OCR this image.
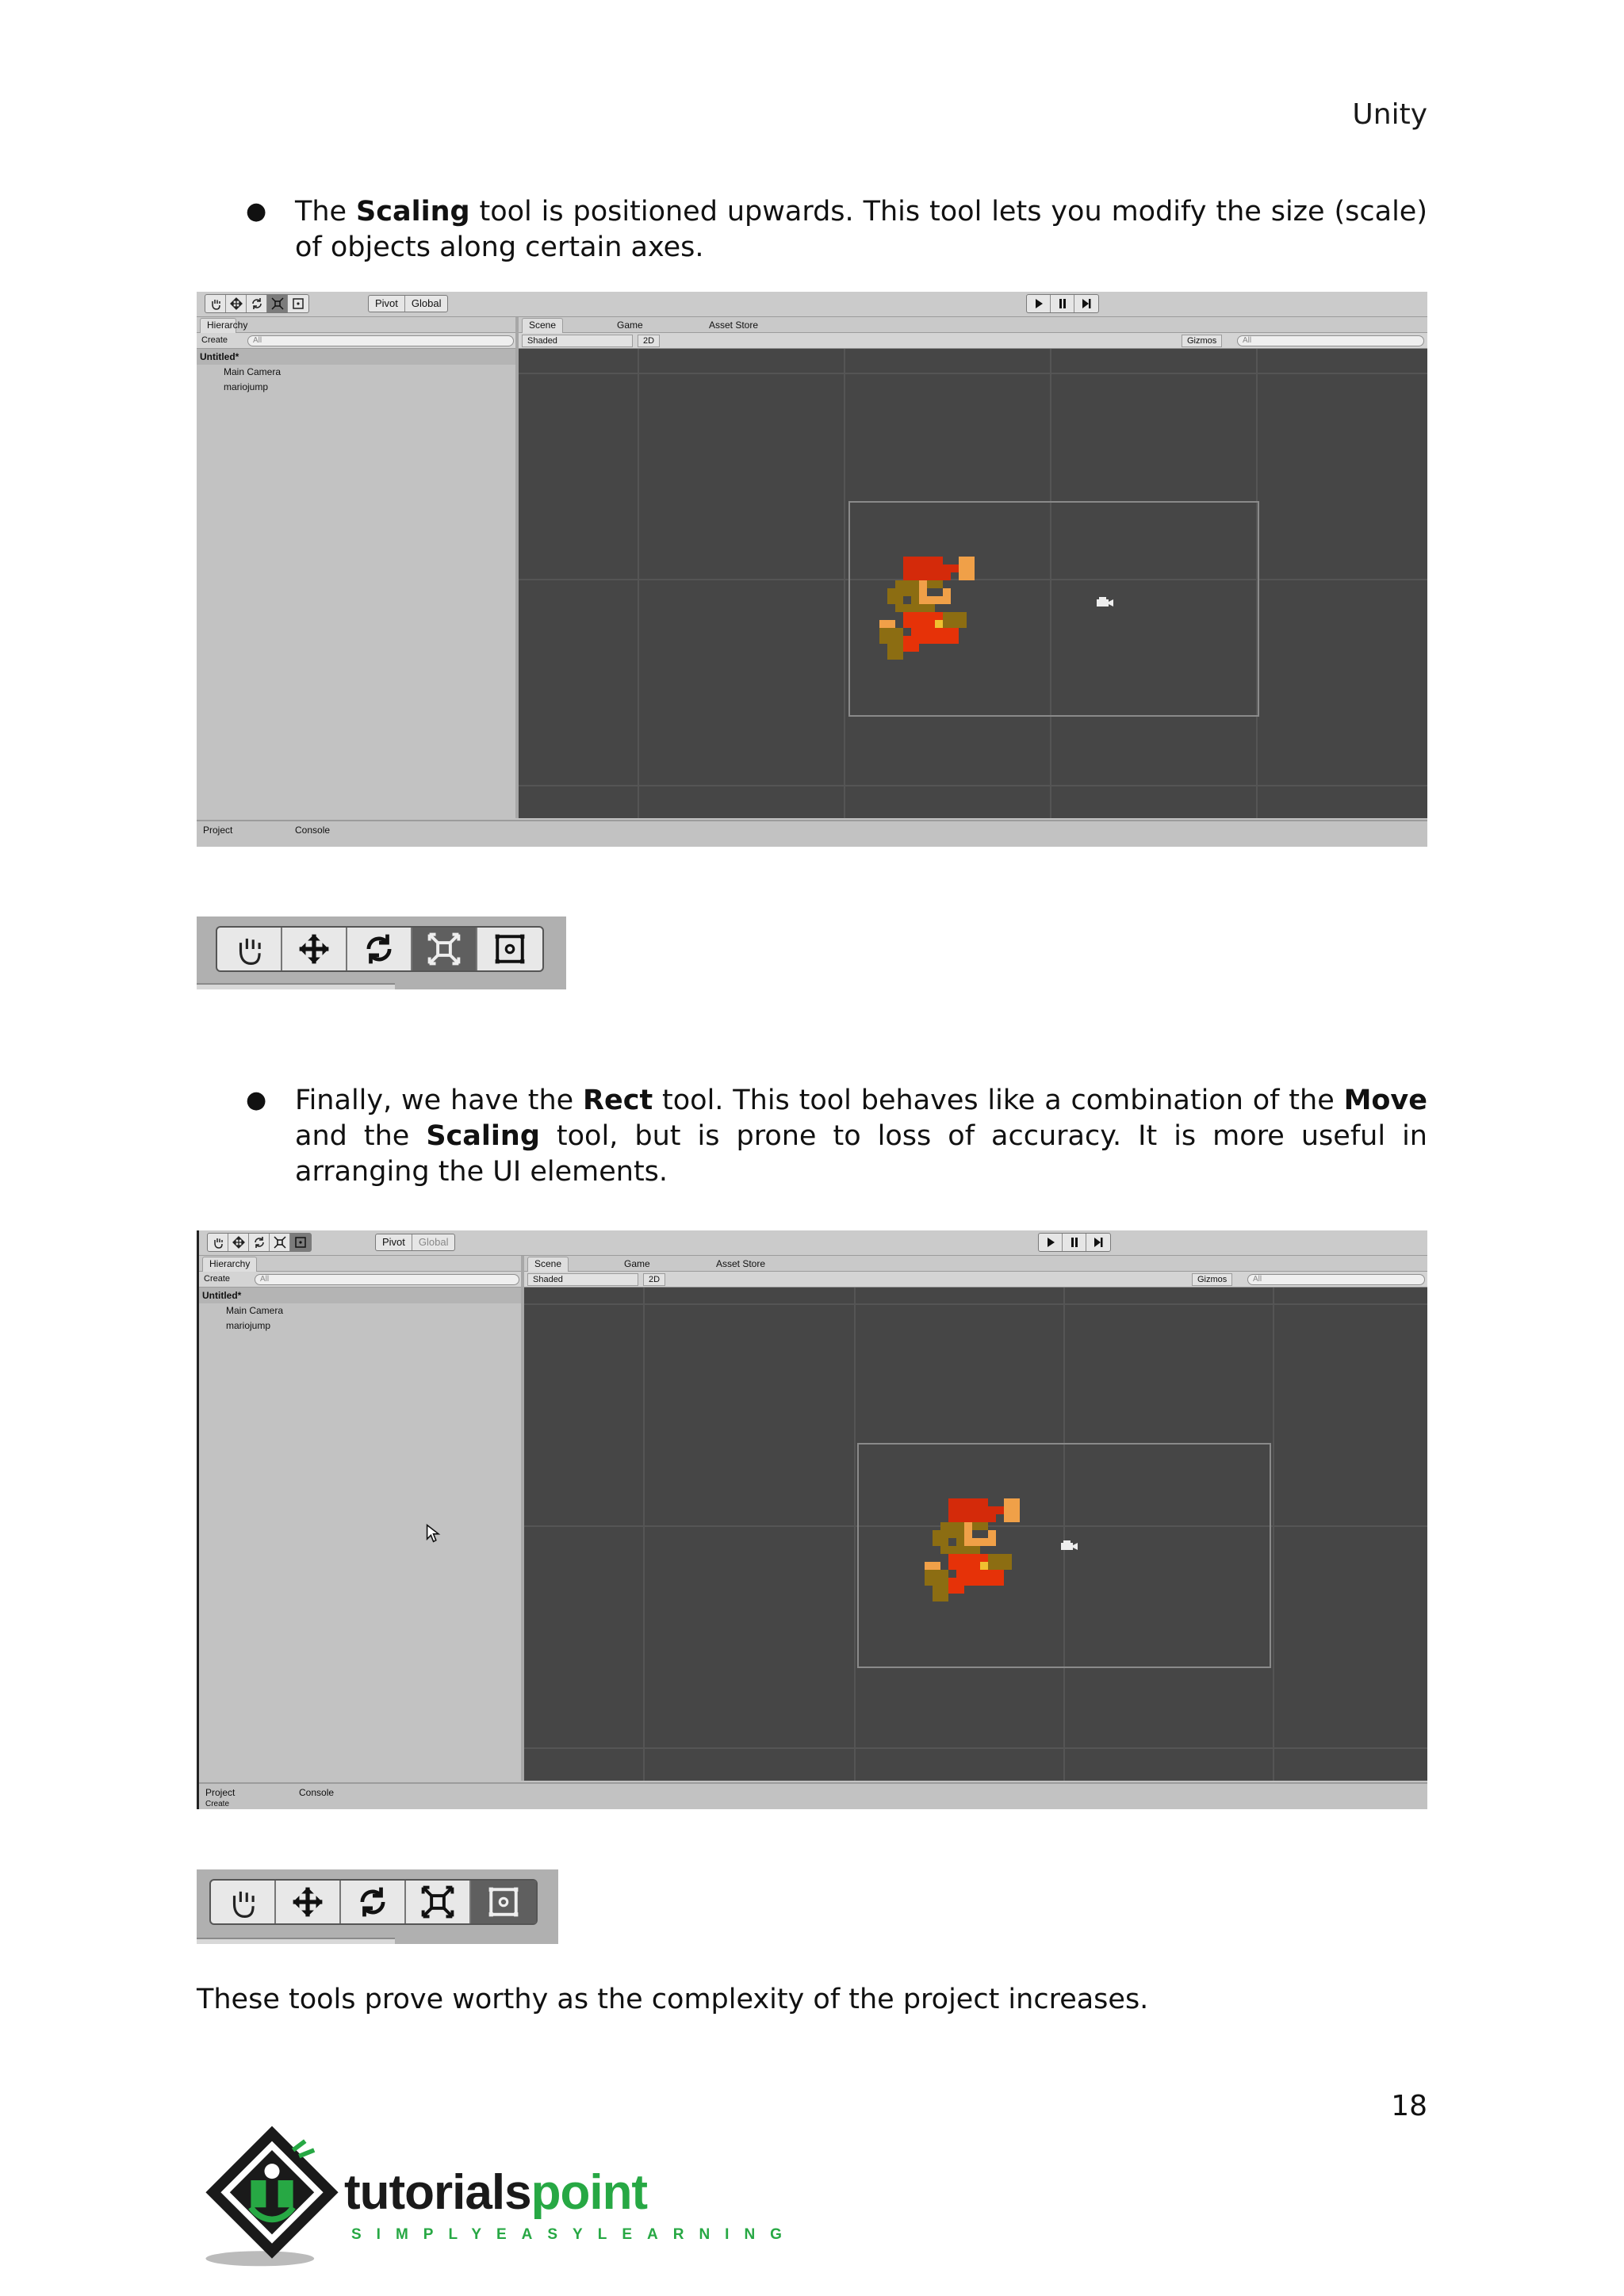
Unity
● The Scaling tool is positioned upwards. This tool lets you modify the size (scale) of objects along certain axes.
Pivot	Global
Hierarchy
Create	All
Untitled*
Main Camera
mariojump
Scene	Game	Asset Store
Shaded	2D	Gizmos	All
Project	Console
● Finally, we have the Rect tool. This tool behaves like a combination of the Move and the Scaling tool, but is prone to loss of accuracy. It is more useful in arranging the UI elements.
Pivot	Global
Hierarchy
Create	All
Untitled*
Main Camera
mariojump
Scene	Game	Asset Store
Shaded	2D	Gizmos	All
Project	Console
Create
These tools prove worthy as the complexity of the project increases.
18
tutorialspoint
SIMPLYEASYLEARNING
